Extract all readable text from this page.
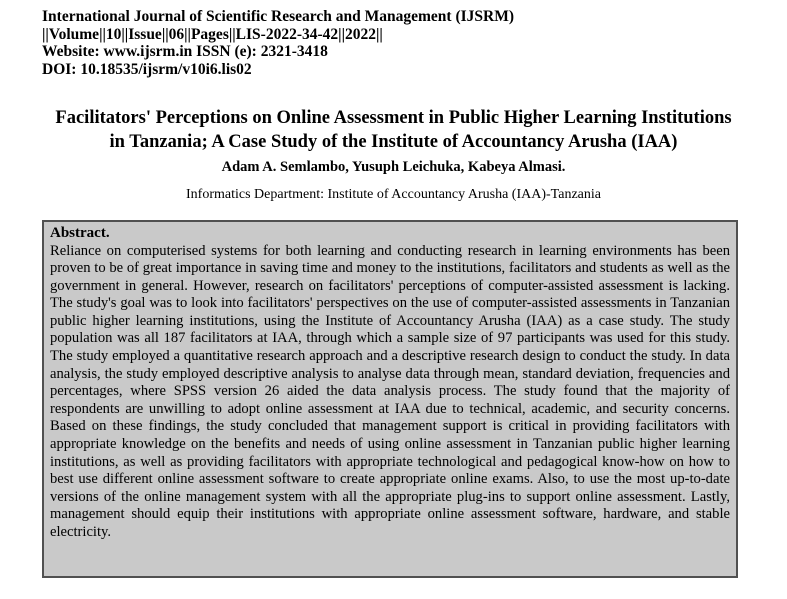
International Journal of Scientific Research and Management (IJSRM)
||Volume||10||Issue||06||Pages||LIS-2022-34-42||2022||
Website: www.ijsrm.in ISSN (e): 2321-3418
DOI: 10.18535/ijsrm/v10i6.lis02
Facilitators' Perceptions on Online Assessment in Public Higher Learning Institutions
in Tanzania; A Case Study of the Institute of Accountancy Arusha (IAA)
Adam A. Semlambo, Yusuph Leichuka, Kabeya Almasi.
Informatics Department: Institute of Accountancy Arusha (IAA)-Tanzania
Abstract.
Reliance on computerised systems for both learning and conducting research in learning environments has been proven to be of great importance in saving time and money to the institutions, facilitators and students as well as the government in general. However, research on facilitators' perceptions of computer-assisted assessment is lacking. The study's goal was to look into facilitators' perspectives on the use of computer-assisted assessments in Tanzanian public higher learning institutions, using the Institute of Accountancy Arusha (IAA) as a case study. The study population was all 187 facilitators at IAA, through which a sample size of 97 participants was used for this study. The study employed a quantitative research approach and a descriptive research design to conduct the study. In data analysis, the study employed descriptive analysis to analyse data through mean, standard deviation, frequencies and percentages, where SPSS version 26 aided the data analysis process. The study found that the majority of respondents are unwilling to adopt online assessment at IAA due to technical, academic, and security concerns. Based on these findings, the study concluded that management support is critical in providing facilitators with appropriate knowledge on the benefits and needs of using online assessment in Tanzanian public higher learning institutions, as well as providing facilitators with appropriate technological and pedagogical know-how on how to best use different online assessment software to create appropriate online exams. Also, to use the most up-to-date versions of the online management system with all the appropriate plug-ins to support online assessment. Lastly, management should equip their institutions with appropriate online assessment software, hardware, and stable electricity.
